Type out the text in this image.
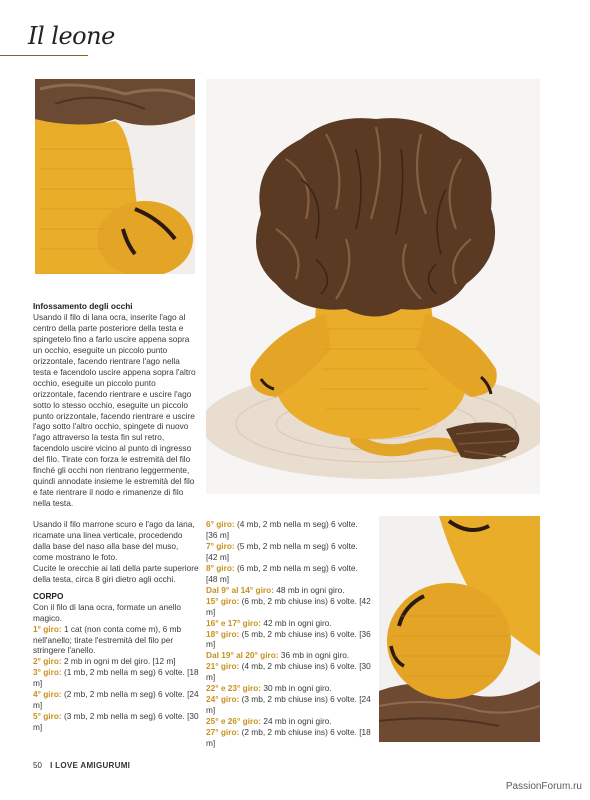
Il leone

Infossamento degli occhi

Usando il filo di lana ocra, inserite l'ago al centro della parte posteriore della testa e spingetelo fino a farlo uscire appena sopra un occhio, eseguite un piccolo punto orizzontale, facendo rientrare l'ago nella testa e facendolo uscire appena sopra l'altro occhio, eseguite un piccolo punto orizzontale, facendo rientrare e uscire l'ago sotto lo stesso occhio, eseguite un piccolo punto orizzontale, facendo rientrare e uscire l'ago sotto l'altro occhio, spingete di nuovo l'ago attraverso la testa fin sul retro, facendolo uscire vicino al punto di ingresso del filo. Tirate con forza le estremità del filo finché gli occhi non rientrano leggermente, quindi annodate insieme le estremità del filo e fate rientrare il nodo e rimanenze di filo nella testa.

Usando il filo marrone scuro e l'ago da lana, ricamate una linea verticale, procedendo dalla base del naso alla base del muso, come mostrano le foto.

Cucite le orecchie ai lati della parte superiore della testa, circa 8 giri dietro agli occhi.

CORPO

Con il filo di lana ocra, formate un anello magico.

1° giro: 1 cat (non conta come m), 6 mb nell'anello; tirate l'estremità del filo per stringere l'anello.

2° giro: 2 mb in ogni m del giro. [12 m]

3° giro: (1 mb, 2 mb nella m seg) 6 volte. [18 m]

4° giro: (2 mb, 2 mb nella m seg) 6 volte. [24 m]

5° giro: (3 mb, 2 mb nella m seg) 6 volte. [30 m]

6° giro: (4 mb, 2 mb nella m seg) 6 volte. [36 m]

7° giro: (5 mb, 2 mb nella m seg) 6 volte. [42 m]

8° giro: (6 mb, 2 mb nella m seg) 6 volte. [48 m]

Dal 9° al 14° giro: 48 mb in ogni giro.

15° giro: (6 mb, 2 mb chiuse ins) 6 volte. [42 m]

16° e 17° giro: 42 mb in ogni giro.

18° giro: (5 mb, 2 mb chiuse ins) 6 volte. [36 m]

Dal 19° al 20° giro: 36 mb in ogni giro.

21° giro: (4 mb, 2 mb chiuse ins) 6 volte. [30 m]

22° e 23° giro: 30 mb in ogni giro.

24° giro: (3 mb, 2 mb chiuse ins) 6 volte. [24 m]

25° e 26° giro: 24 mb in ogni giro.

27° giro: (2 mb, 2 mb chiuse ins) 6 volte. [18 m]

50 I LOVE AMIGURUMI
PassionForum.ru
